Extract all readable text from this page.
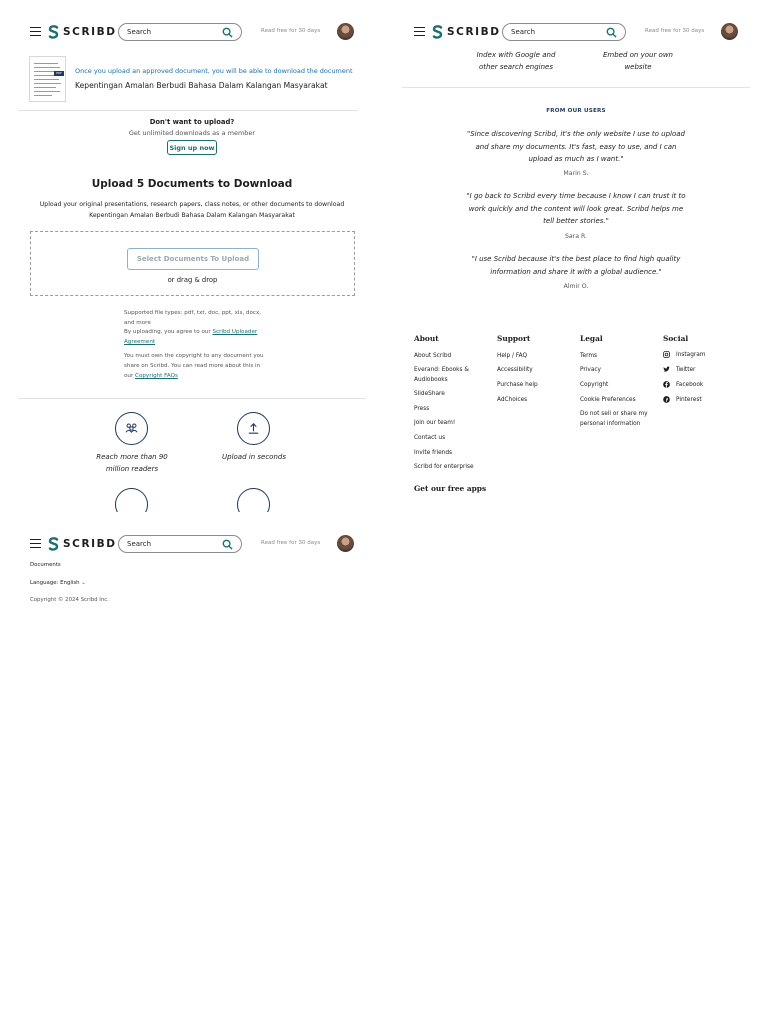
SCRIBD
Search	Read free for 30 days
PDF	Once you upload an approved document, you will be able to download the document
Kepentingan Amalan Berbudi Bahasa Dalam Kalangan Masyarakat
Don't want to upload?
Get unlimited downloads as a member
Sign up now
Upload 5 Documents to Download
Upload your original presentations, research papers, class notes, or other documents to download Kepentingan Amalan Berbudi Bahasa Dalam Kalangan Masyarakat
Select Documents To Upload
or drag & drop
Supported file types: pdf, txt, doc, ppt, xls, docx, and more
By uploading, you agree to our Scribd Uploader Agreement
You must own the copyright to any document you share on Scribd. You can read more about this in our Copyright FAQs
Reach more than 90 million readers
Upload in seconds
SCRIBD
Search	Read free for 30 days
Index with Google and other search engines
Embed on your own website
FROM OUR USERS
"Since discovering Scribd, it's the only website I use to upload and share my documents. It's fast, easy to use, and I can upload as much as I want."
Marin S.
"I go back to Scribd every time because I know I can trust it to work quickly and the content will look great. Scribd helps me tell better stories."
Sara R.
"I use Scribd because it's the best place to find high quality information and share it with a global audience."
Almir O.
About
About Scribd
Everand: Ebooks & Audiobooks
SlideShare
Press
Join our team!
Contact us
Invite friends
Scribd for enterprise
Support
Help / FAQ
Accessibility
Purchase help
AdChoices
Legal
Terms
Privacy
Copyright
Cookie Preferences
Do not sell or share my personal information
Social
Instagram
Twitter
Facebook
Pinterest
Get our free apps
SCRIBD
Search	Read free for 30 days
Documents
Language: English ⌄
Copyright © 2024 Scribd Inc.
